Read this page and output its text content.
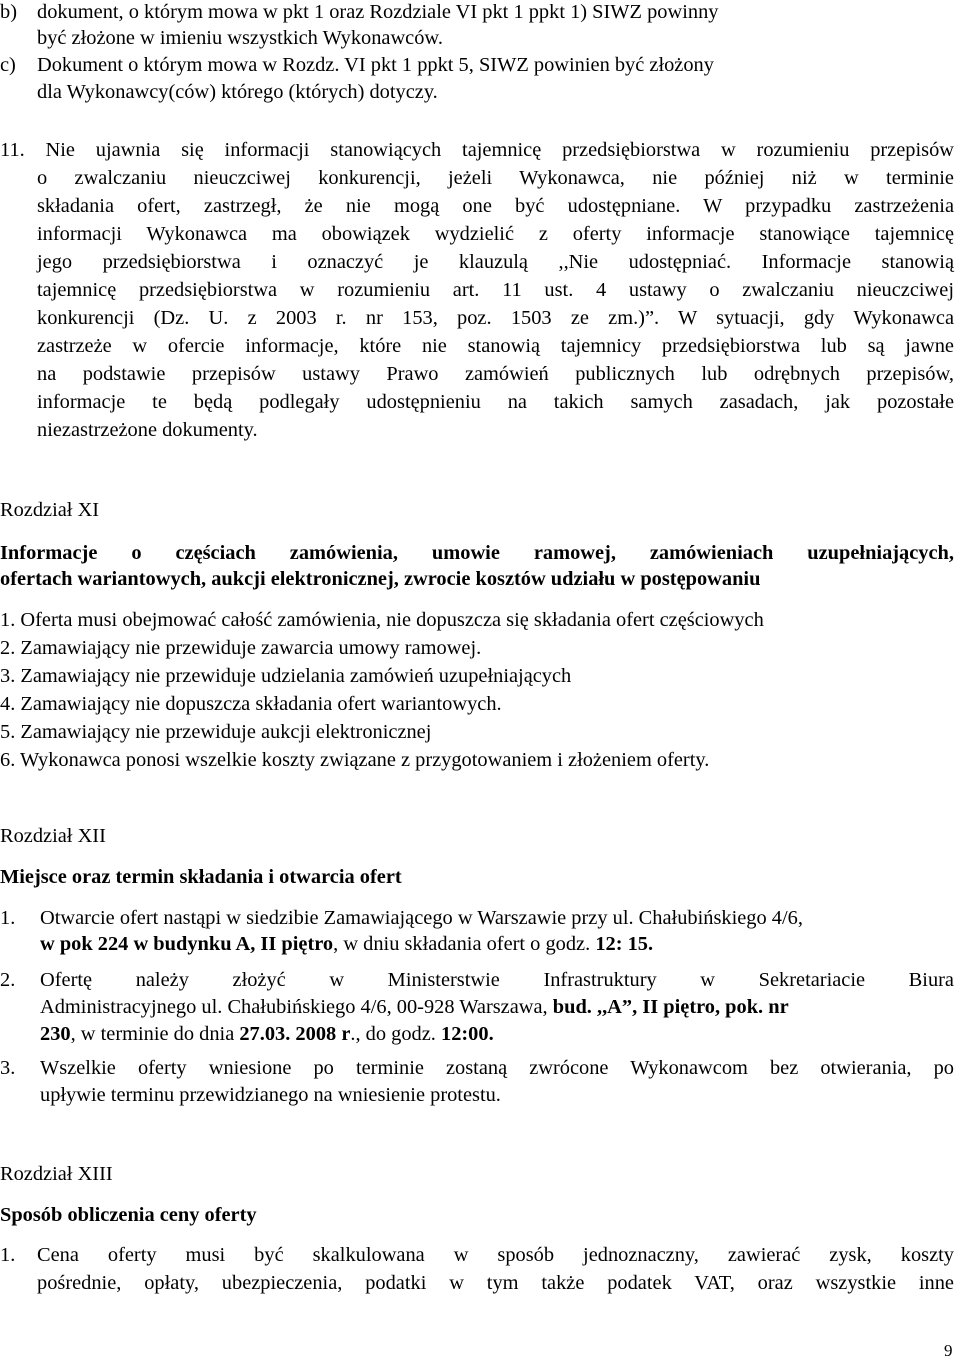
b) dokument, o którym mowa w pkt 1 oraz Rozdziale VI pkt 1 ppkt 1) SIWZ powinny
być złożone w imieniu wszystkich Wykonawców.
c) Dokument o którym mowa w Rozdz. VI pkt 1 ppkt 5, SIWZ powinien być złożony
dla Wykonawcy(ców) którego (których) dotyczy.
11. Nie ujawnia się informacji stanowiących tajemnicę przedsiębiorstwa w rozumieniu przepisów
o zwalczaniu nieuczciwej konkurencji, jeżeli Wykonawca, nie później niż w terminie
składania ofert, zastrzegł, że nie mogą one być udostępniane. W przypadku zastrzeżenia
informacji Wykonawca ma obowiązek wydzielić z oferty informacje stanowiące tajemnicę
jego przedsiębiorstwa i oznaczyć je klauzulą ,,Nie udostępniać. Informacje stanowią
tajemnicę przedsiębiorstwa w rozumieniu art. 11 ust. 4 ustawy o zwalczaniu nieuczciwej
konkurencji (Dz. U. z 2003 r. nr 153, poz. 1503 ze zm.)”. W sytuacji, gdy Wykonawca
zastrzeże w ofercie informacje, które nie stanowią tajemnicy przedsiębiorstwa lub są jawne
na podstawie przepisów ustawy Prawo zamówień publicznych lub odrębnych przepisów,
informacje te będą podlegały udostępnieniu na takich samych zasadach, jak pozostałe
niezastrzeżone dokumenty.
Rozdział XI
Informacje o częściach zamówienia, umowie ramowej, zamówieniach uzupełniających,
ofertach wariantowych, aukcji elektronicznej, zwrocie kosztów udziału w postępowaniu
1. Oferta musi obejmować całość zamówienia, nie dopuszcza się składania ofert częściowych
2. Zamawiający nie przewiduje zawarcia umowy ramowej.
3. Zamawiający nie przewiduje udzielania zamówień uzupełniających
4. Zamawiający nie dopuszcza składania ofert wariantowych.
5. Zamawiający nie przewiduje aukcji elektronicznej
6. Wykonawca ponosi wszelkie koszty związane z przygotowaniem i złożeniem oferty.
Rozdział XII
Miejsce oraz termin składania i otwarcia ofert
1. Otwarcie ofert nastąpi w siedzibie Zamawiającego w Warszawie przy ul. Chałubińskiego 4/6,
w pok 224 w budynku A, II piętro, w dniu składania ofert o godz. 12: 15.
2. Ofertę należy złożyć w Ministerstwie Infrastruktury w Sekretariacie Biura
Administracyjnego ul. Chałubińskiego 4/6, 00-928 Warszawa, bud. ,,A”, II piętro, pok. nr
230, w terminie do dnia 27.03. 2008 r., do godz. 12:00.
3. Wszelkie oferty wniesione po terminie zostaną zwrócone Wykonawcom bez otwierania, po
upływie terminu przewidzianego na wniesienie protestu.
Rozdział XIII
Sposób obliczenia ceny oferty
1. Cena oferty musi być skalkulowana w sposób jednoznaczny, zawierać zysk, koszty
pośrednie, opłaty, ubezpieczenia, podatki w tym także podatek VAT, oraz wszystkie inne
9
